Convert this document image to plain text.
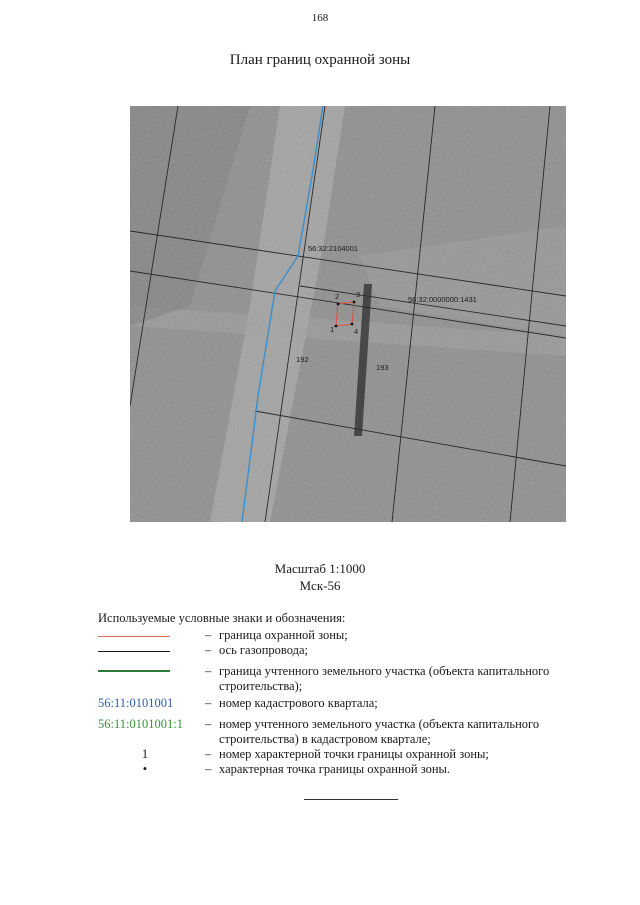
168
План границ охранной зоны
56:32:2104001
56:32:0000000:1431
192
193
1
2 3
4
Масштаб 1:1000
Мск-56
Используемые условные знаки и обозначения:
– граница охранной зоны;
– ось газопровода;
– граница учтенного земельного участка (объекта капитального строительства);
56:11:0101001	– номер кадастрового квартала;
56:11:0101001:1	– номер учтенного земельного участка (объекта капитального строительства) в кадастровом квартале;
1	– номер характерной точки границы охранной зоны;
•	– характерная точка границы охранной зоны.
